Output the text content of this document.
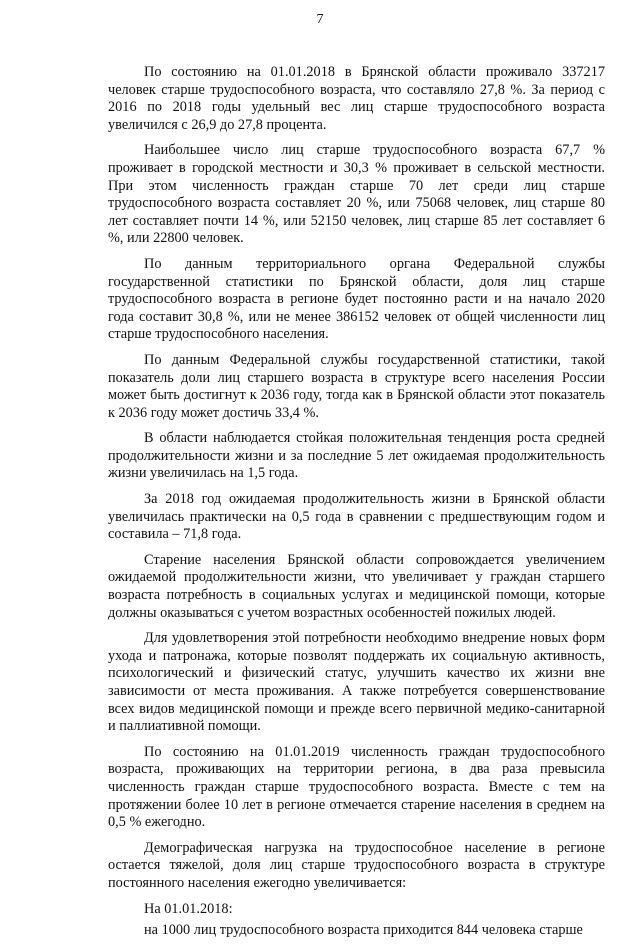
7

По состоянию на 01.01.2018 в Брянской области проживало 337217 человек старше трудоспособного возраста, что составляло 27,8 %. За период с 2016 по 2018 годы удельный вес лиц старше трудоспособного возраста увеличился с 26,9 до 27,8 процента.

Наибольшее число лиц старше трудоспособного возраста 67,7 % проживает в городской местности и 30,3 % проживает в сельской местности. При этом численность граждан старше 70 лет среди лиц старше трудоспособного возраста составляет 20 %, или 75068 человек, лиц старше 80 лет составляет почти 14 %, или 52150 человек, лиц старше 85 лет составляет 6 %, или 22800 человек.

По данным территориального органа Федеральной службы государственной статистики по Брянской области, доля лиц старше трудоспособного возраста в регионе будет постоянно расти и на начало 2020 года составит 30,8 %, или не менее 386152 человек от общей численности лиц старше трудоспособного населения.

По данным Федеральной службы государственной статистики, такой показатель доли лиц старшего возраста в структуре всего населения России может быть достигнут к 2036 году, тогда как в Брянской области этот показатель к 2036 году может достичь 33,4 %.

В области наблюдается стойкая положительная тенденция роста средней продолжительности жизни и за последние 5 лет ожидаемая продолжительность жизни увеличилась на 1,5 года.

За 2018 год ожидаемая продолжительность жизни в Брянской области увеличилась практически на 0,5 года в сравнении с предшествующим годом и составила – 71,8 года.

Старение населения Брянской области сопровождается увеличением ожидаемой продолжительности жизни, что увеличивает у граждан старшего возраста потребность в социальных услугах и медицинской помощи, которые должны оказываться с учетом возрастных особенностей пожилых людей.

Для удовлетворения этой потребности необходимо внедрение новых форм ухода и патронажа, которые позволят поддержать их социальную активность, психологический и физический статус, улучшить качество их жизни вне зависимости от места проживания. А также потребуется совершенствование всех видов медицинской помощи и прежде всего первичной медико-санитарной и паллиативной помощи.

По состоянию на 01.01.2019 численность граждан трудоспособного возраста, проживающих на территории региона, в два раза превысила численность граждан старше трудоспособного возраста. Вместе с тем на протяжении более 10 лет в регионе отмечается старение населения в среднем на 0,5 % ежегодно.

Демографическая нагрузка на трудоспособное население в регионе остается тяжелой, доля лиц старше трудоспособного возраста в структуре постоянного населения ежегодно увеличивается:

На 01.01.2018:

на 1000 лиц трудоспособного возраста приходится 844 человека старше
